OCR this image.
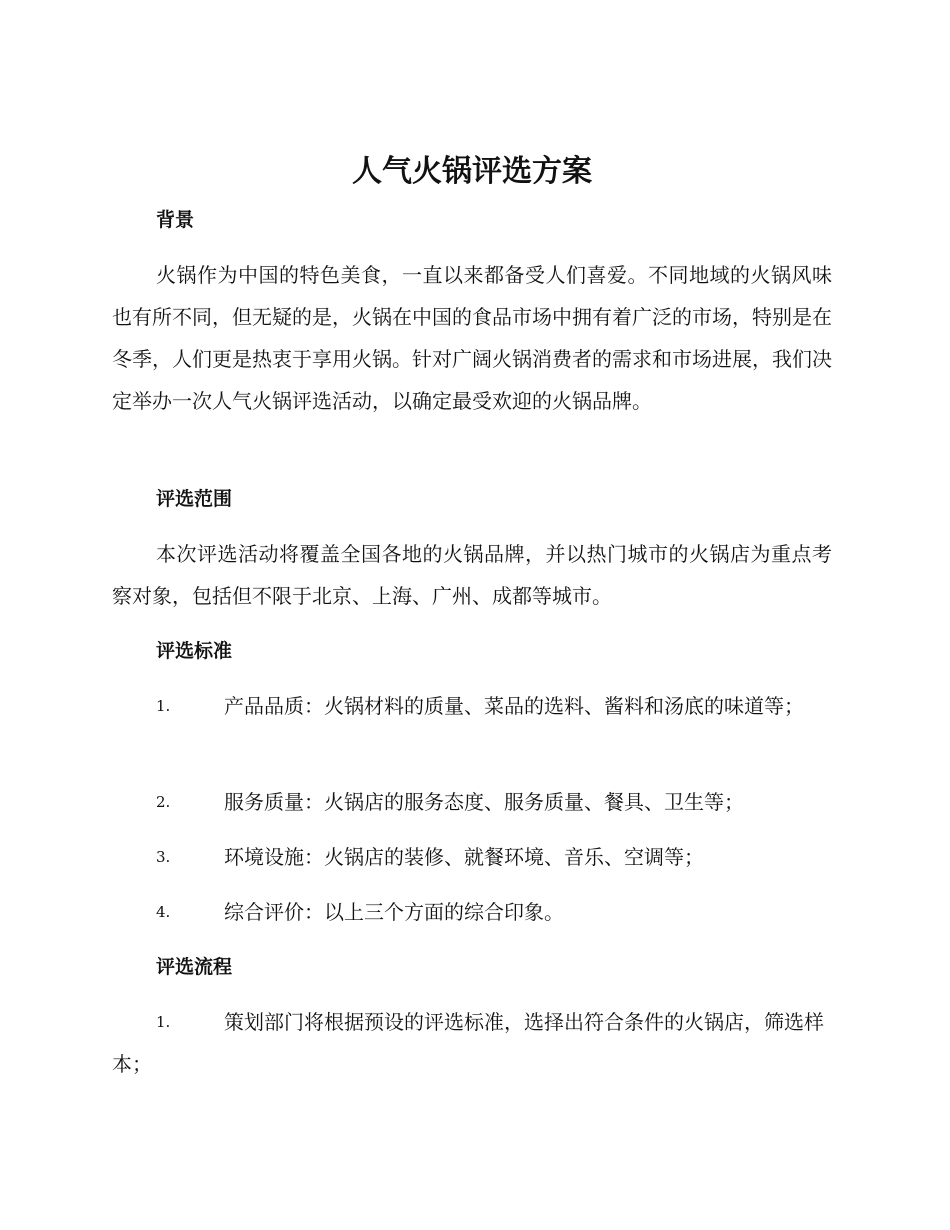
人气火锅评选方案
背景

火锅作为中国的特色美食，一直以来都备受人们喜爱。不同地域的火锅风味也有所不同，但无疑的是，火锅在中国的食品市场中拥有着广泛的市场，特别是在冬季，人们更是热衷于享用火锅。针对广阔火锅消费者的需求和市场进展，我们决定举办一次人气火锅评选活动，以确定最受欢迎的火锅品牌。

评选范围

本次评选活动将覆盖全国各地的火锅品牌，并以热门城市的火锅店为重点考察对象，包括但不限于北京、上海、广州、成都等城市。

评选标准

1.	产品品质：火锅材料的质量、菜品的选料、酱料和汤底的味道等；

2.	服务质量：火锅店的服务态度、服务质量、餐具、卫生等；

3.	环境设施：火锅店的装修、就餐环境、音乐、空调等；

4.	综合评价：以上三个方面的综合印象。

评选流程

1.	策划部门将根据预设的评选标准，选择出符合条件的火锅店，筛选样本；
